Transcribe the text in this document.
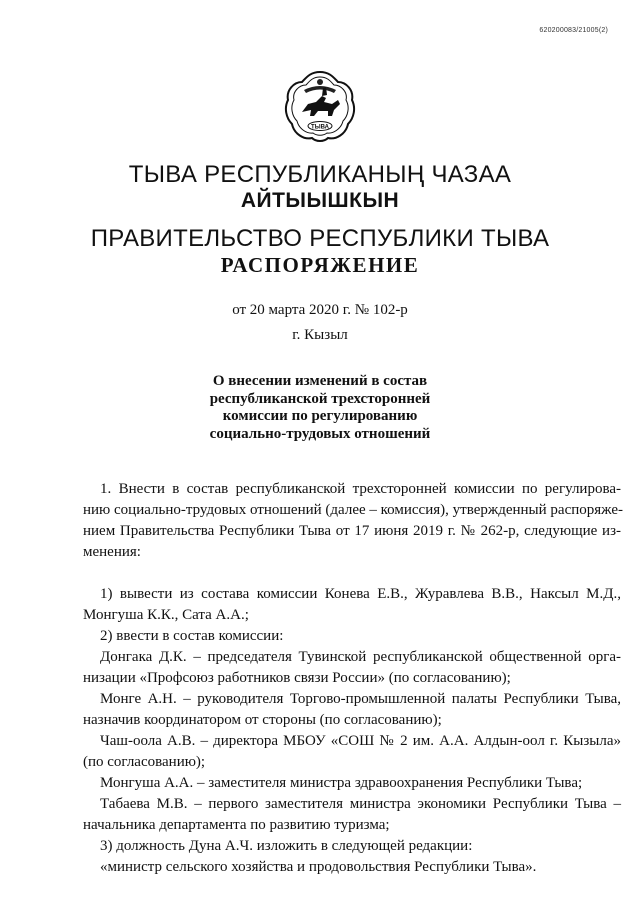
620200083/21005(2)
ТЫВА
ТЫВА РЕСПУБЛИКАНЫҢ ЧАЗАА
АЙТЫЫШКЫН
ПРАВИТЕЛЬСТВО РЕСПУБЛИКИ ТЫВА
РАСПОРЯЖЕНИЕ
от 20 марта 2020 г. № 102-р
г. Кызыл
О внесении изменений в состав
республиканской трехсторонней
комиссии по регулированию
социально-трудовых отношений
1. Внести в состав республиканской трехсторонней комиссии по регулирова-
нию социально-трудовых отношений (далее – комиссия), утвержденный распоряже-
нием Правительства Республики Тыва от 17 июня 2019 г. № 262-р, следующие из-
менения:
1) вывести из состава комиссии Конева Е.В., Журавлева В.В., Наксыл М.Д.,
Монгуша К.К., Сата А.А.;
2) ввести в состав комиссии:
Донгака Д.К. – председателя Тувинской республиканской общественной орга-
низации «Профсоюз работников связи России» (по согласованию);
Монге А.Н. – руководителя Торгово-промышленной палаты Республики Тыва,
назначив координатором от стороны (по согласованию);
Чаш-оола А.В. – директора МБОУ «СОШ № 2 им. А.А. Алдын-оол г. Кызыла»
(по согласованию);
Монгуша А.А. – заместителя министра здравоохранения Республики Тыва;
Табаева М.В. – первого заместителя министра экономики Республики Тыва –
начальника департамента по развитию туризма;
3) должность Дуна А.Ч. изложить в следующей редакции:
«министр сельского хозяйства и продовольствия Республики Тыва».
